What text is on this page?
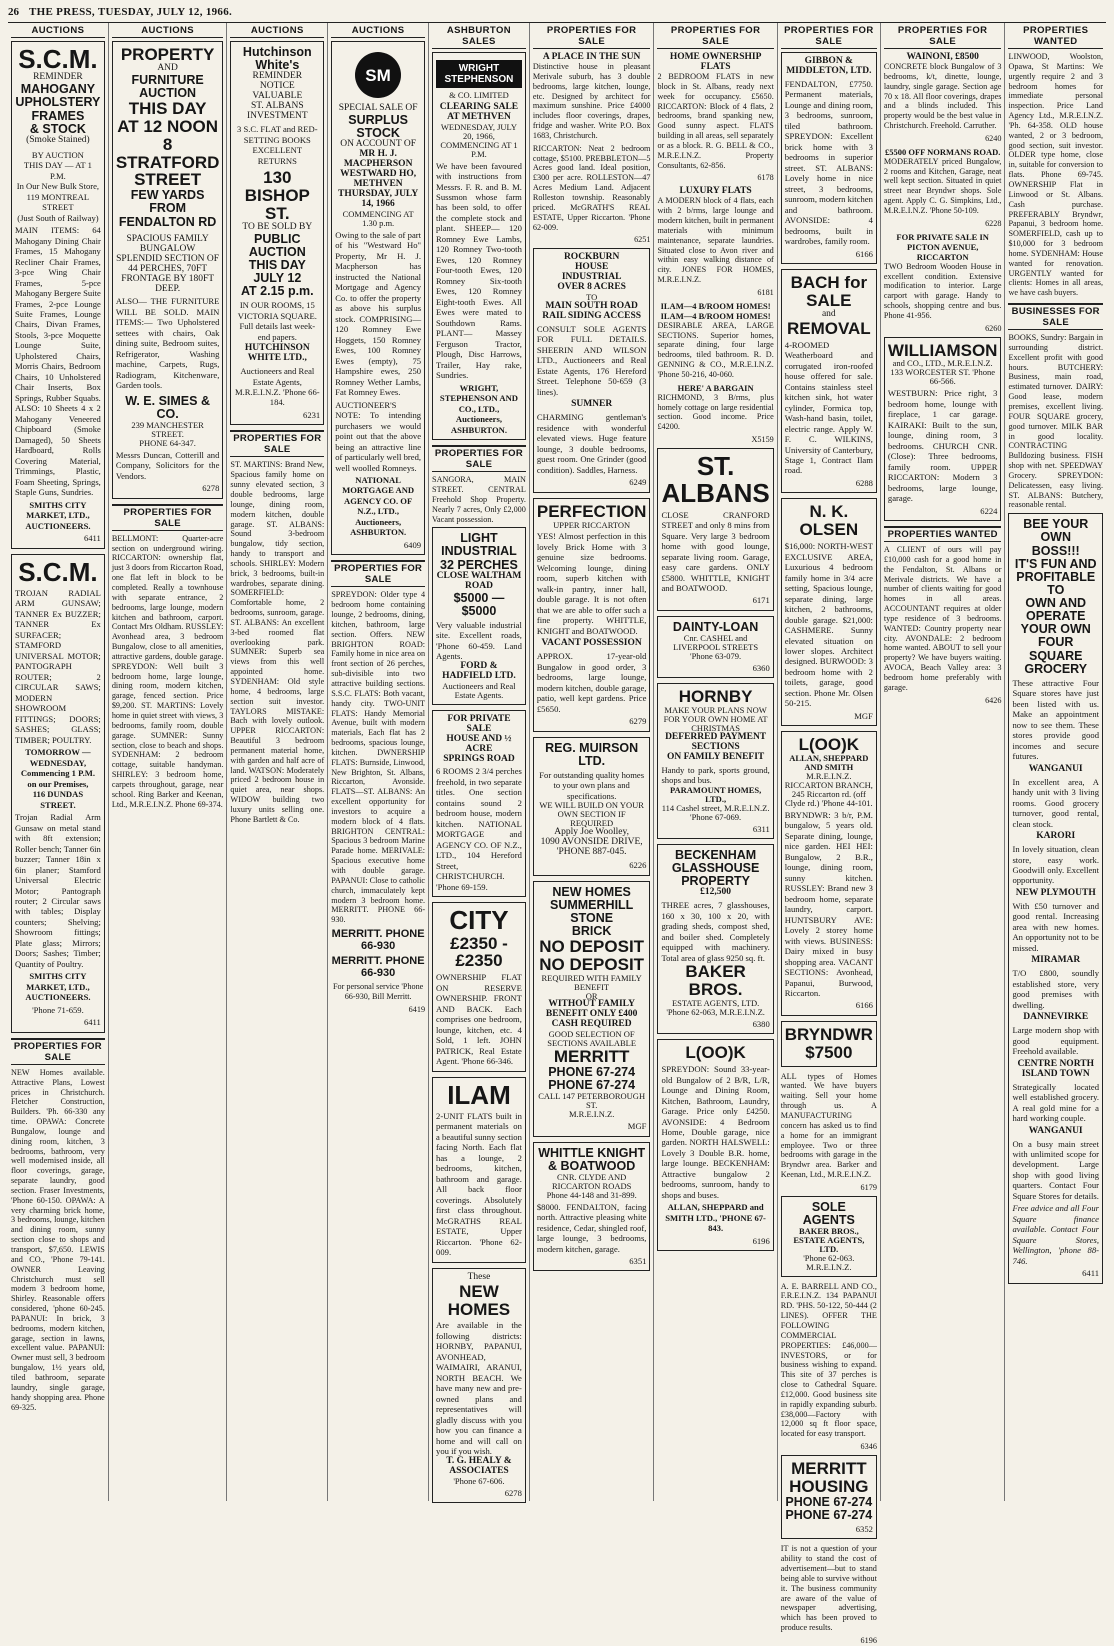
26 THE PRESS, TUESDAY, JULY 12, 1966.
AUCTIONS
S.C.M.
REMINDER
MAHOGANY UPHOLSTERY
FRAMES
& STOCK
(Smoke Stained)
BY AUCTION
THIS DAY — AT 1 P.M.
In Our New Bulk Store,
119 MONTREAL STREET
(Just South of Railway)
MAIN ITEMS: 64 Mahogany Dining Chair Frames, 15 Mahogany Recliner Chair Frames, 3-pce Wing Chair Frames, 5-pce Mahogany Bergere Suite Frames, 2-pce Lounge Suite Frames, Lounge Chairs, Divan Frames, Stools, 3-pce Moquette Lounge Suite, Upholstered Chairs, Morris Chairs, Bedroom Chairs, 10 Unholstered Chair Inserts, Box Springs, Rubber Squabs. ALSO: 10 Sheets 4 x 2 Mahogany Veneered Chipboard (Smoke Damaged), 50 Sheets Hardboard, Rolls Covering Material, Trimmings, Plastic, Foam Sheeting, Springs, Staple Guns, Sundries.
SMITHS CITY MARKET, LTD., AUCTIONEERS.
6411
S.C.M.
TROJAN RADIAL ARM GUNSAW; TANNER Ex BUZZER; TANNER Ex SURFACER; STAMFORD UNIVERSAL MOTOR; PANTOGRAPH ROUTER; 2 CIRCULAR SAWS; MODERN SHOWROOM FITTINGS; DOORS; SASHES; GLASS; TIMBER; POULTRY.
TOMORROW — WEDNESDAY,
Commencing 1 P.M.
on our Premises,
116 DUNDAS STREET.
Trojan Radial Arm Gunsaw on metal stand with 8ft extension; Roller bench; Tanner 6in buzzer; Tanner 18in x 6in planer; Stamford Universal Electric Motor; Pantograph router; 2 Circular saws with tables; Display counters; Shelving; Showroom fittings; Plate glass; Mirrors; Doors; Sashes; Timber; Quantity of Poultry.
SMITHS CITY MARKET, LTD., AUCTIONEERS.
'Phone 71-659.
6411
PROPERTIES FOR SALE
NEW Homes available. Attractive Plans, Lowest prices in Christchurch. Fletcher Construction, Builders. 'Ph. 66-330 any time. OPAWA: Concrete Bungalow, lounge and dining room, kitchen, 3 bedrooms, bathroom, very well modernised inside, all floor coverings, garage, separate laundry, good section. Fraser Investments, 'Phone 60-150. OPAWA: A very charming brick home, 3 bedrooms, lounge, kitchen and dining room, sunny section close to shops and transport, $7,650. LEWIS and CO., 'Phone 79-141. OWNER Leaving Christchurch must sell modern 3 bedroom home, Shirley. Reasonable offers considered, 'phone 60-245. PAPANUI: In brick, 3 bedrooms, modern kitchen, garage, section in lawns, excellent value. PAPANUI: Owner must sell, 3 bedroom bungalow, 1½ years old, tiled bathroom, separate laundry, single garage, handy shopping area. Phone 69-325.
AUCTIONS
PROPERTY
AND
FURNITURE AUCTION
THIS DAY
AT 12 NOON
8 STRATFORD
STREET
FEW YARDS FROM
FENDALTON RD
SPACIOUS FAMILY
BUNGALOW
SPLENDID SECTION OF
44 PERCHES, 70FT
FRONTAGE BY 180FT
DEEP.
ALSO— THE FURNITURE WILL BE SOLD. MAIN ITEMS:— Two Upholstered settees with chairs, Oak dining suite, Bedroom suites, Refrigerator, Washing machine, Carpets, Rugs, Radiogram, Kitchenware, Garden tools.
W. E. SIMES & CO.
239 MANCHESTER STREET.
PHONE 64-347.
Messrs Duncan, Cotterill and Company, Solicitors for the Vendors.
6278
PROPERTIES FOR SALE
BELLMONT: Quarter-acre section on underground wiring. RICCARTON: ownership flat, just 3 doors from Riccarton Road, one flat left in block to be completed. Really a townhouse with separate entrance, 2 bedrooms, large lounge, modern kitchen and bathroom, carport. Contact Mrs Oldham. RUSSLEY: Avonhead area, 3 bedroom Bungalow, close to all amenities, attractive gardens, double garage. SPREYDON: Well built 3 bedroom home, large lounge, dining room, modern kitchen, garage, fenced section. Price $9,200. ST. MARTINS: Lovely home in quiet street with views, 3 bedrooms, family room, double garage. SUMNER: Sunny section, close to beach and shops. SYDENHAM: 2 bedroom cottage, suitable handyman. SHIRLEY: 3 bedroom home, carpets throughout, garage, near school. Ring Barker and Keenan, Ltd., M.R.E.I.N.Z. Phone 69-374.
AUCTIONS
Hutchinson White's
REMINDER NOTICE
VALUABLE
ST. ALBANS INVESTMENT
3 S.C. FLAT and RED-SETTING BOOKS EXCELLENT RETURNS
130 BISHOP ST.
TO BE SOLD BY
PUBLIC AUCTION
THIS DAY JULY 12
AT 2.15 p.m.
IN OUR ROOMS, 15 VICTORIA SQUARE. Full details last week-end papers.
HUTCHINSON WHITE LTD.,
Auctioneers and Real Estate Agents, M.R.E.I.N.Z. 'Phone 66-184.
6231
PROPERTIES FOR SALE
ST. MARTINS: Brand New, Spacious family home on sunny elevated section, 3 double bedrooms, large lounge, dining room, modern kitchen, double garage. ST. ALBANS: Sound 3-bedroom bungalow, tidy section, handy to transport and schools. SHIRLEY: Modern brick, 3 bedrooms, built-in wardrobes, separate dining. SOMERFIELD: Comfortable home, 2 bedrooms, sunroom, garage. ST. ALBANS: An excellent 3-bed roomed flat overlooking park. SUMNER: Superb sea views from this well appointed home. SYDENHAM: Old style home, 4 bedrooms, large section suit investor. TAYLORS MISTAKE: Bach with lovely outlook. UPPER RICCARTON: Beautiful 3 bedroom permanent material home, with garden and half acre of land. WATSON: Moderately priced 2 bedroom house in quiet area, near shops. WIDOW building two luxury units selling one. Phone Bartlett & Co.
AUCTIONS
SM
SPECIAL SALE OF
SURPLUS STOCK
ON ACCOUNT OF
MR H. J. MACPHERSON
WESTWARD HO, METHVEN
THURSDAY, JULY 14, 1966
COMMENCING AT 1.30 p.m.
Owing to the sale of part of his "Westward Ho" Property, Mr H. J. Macpherson has instructed the National Mortgage and Agency Co. to offer the property as above his surplus stock. COMPRISING— 120 Romney Ewe Hoggets, 150 Romney Ewes, 100 Romney Ewes (empty), 75 Hampshire ewes, 250 Romney Wether Lambs, Fat Romney Ewes.
AUCTIONEER'S NOTE: To intending purchasers we would point out that the above being an attractive line of particularly well bred, well woolled Romneys.
NATIONAL MORTGAGE AND AGENCY CO. OF N.Z., LTD., Auctioneers, ASHBURTON.
6409
PROPERTIES FOR SALE
SPREYDON: Older type 4 bedroom home containing lounge, 2 bedrooms, dining, kitchen, bathroom, large section. Offers. NEW BRIGHTON ROAD: Family home in nice area on front section of 26 perches, sub-divisible into two attractive building sections. S.S.C. FLATS: Both vacant, handy city. TWO-UNIT FLATS: Handy Memorial Avenue, built with modern materials, Each flat has 2 bedrooms, spacious lounge, kitchen. DWNERSHIP FLATS: Burnside, Linwood, New Brighton, St. Albans, Riccarton, Avonside. FLATS—ST. ALBANS: An excellent opportunity for investors to acquire a modern block of 4 flats. BRIGHTON CENTRAL: Spacious 3 bedroom Marine Parade home. MERIVALE: Spacious executive home with double garage. PAPANUI: Close to catholic church, immaculately kept modern 3 bedroom home. MERRITT. PHONE 66-930.
MERRITT. PHONE 66-930
MERRITT. PHONE 66-930
For personal service 'Phone 66-930, Bill Merritt.
6419
ASHBURTON SALES
WRIGHT STEPHENSON
& CO. LIMITED
CLEARING SALE AT METHVEN
WEDNESDAY, JULY 20, 1966, COMMENCING AT 1 P.M.
We have been favoured with instructions from Messrs. F. R. and B. M. Sussmon whose farm has been sold, to offer the complete stock and plant. SHEEP— 120 Romney Ewe Lambs, 120 Romney Two-tooth Ewes, 120 Romney Four-tooth Ewes, 120 Romney Six-tooth Ewes, 120 Romney Eight-tooth Ewes. All Ewes were mated to Southdown Rams. PLANT— Massey Ferguson Tractor, Plough, Disc Harrows, Trailer, Hay rake, Sundries.
WRIGHT, STEPHENSON AND CO., LTD., Auctioneers, ASHBURTON.
PROPERTIES FOR SALE
SANGORA, MAIN STREET. CENTRAL Freehold Shop Property. Nearly 7 acres, Only £2,000 Vacant possession.
LIGHT INDUSTRIAL
32 PERCHES
CLOSE WALTHAM ROAD
$5000 — $5000
Very valuable industrial site. Excellent roads, 'Phone 60-459. Land Agents.
FORD & HADFIELD LTD.
Auctioneers and Real Estate Agents.
FOR PRIVATE SALE
HOUSE AND ½ ACRE
SPRINGS ROAD
6 ROOMS 2 3/4 perches freehold, in two separate titles. One section contains sound 2 bedroom house, modern kitchen. NATIONAL MORTGAGE and AGENCY CO. OF N.Z., LTD., 104 Hereford Street, CHRISTCHURCH. 'Phone 69-159.
CITY
£2350 - £2350
OWNERSHIP FLAT ON RESERVE OWNERSHIP. FRONT AND BACK. Each comprises one bedroom, lounge, kitchen, etc. 4 Sold, 1 left. JOHN PATRICK, Real Estate Agent. 'Phone 66-346.
ILAM
2-UNIT FLATS built in permanent materials on a beautiful sunny section facing North. Each flat has a lounge, 2 bedrooms, kitchen, bathroom and garage. All back floor coverings. Absolutely first class throughout. McGRATHS REAL ESTATE, Upper Riccarton. 'Phone 62-009.
These
NEW HOMES
Are available in the following districts: HORNBY, PAPANUI, AVONHEAD, WAIMAIRI, ARANUI, NORTH BEACH. We have many new and pre-owned plans and representatives will gladly discuss with you how you can finance a home and will call on you if you wish.
T. G. HEALY & ASSOCIATES
'Phone 67-606.
6278
PROPERTIES FOR SALE
A PLACE IN THE SUN
Distinctive house in pleasant Merivale suburb, has 3 double bedrooms, large kitchen, lounge, etc. Designed by architect for maximum sunshine. Price £4000 includes floor coverings, drapes, fridge and washer. Write P.O. Box 1683, Christchurch.
RICCARTON: Neat 2 bedroom cottage, $5100. PREBBLETON—5 Acres good land. Ideal position, £300 per acre. ROLLESTON—47 Acres Medium Land. Adjacent Rolleston township. Reasonably priced. McGRATH'S REAL ESTATE, Upper Riccarton. 'Phone 62-009.
6251
ROCKBURN
HOUSE
INDUSTRIAL
OVER 8 ACRES
TO
MAIN SOUTH ROAD
RAIL SIDING ACCESS
CONSULT SOLE AGENTS FOR FULL DETAILS. SHEERIN AND WILSON LTD., Auctioneers and Real Estate Agents, 176 Hereford Street. Telephone 50-659 (3 lines).
SUMNER
CHARMING gentleman's residence with wonderful elevated views. Huge feature lounge, 3 double bedrooms, guest room. One Grinder (good condition). Saddles, Harness.
6249
PERFECTION
UPPER RICCARTON
YES! Almost perfection in this lovely Brick Home with 3 genuine size bedrooms. Welcoming lounge, dining room, superb kitchen with walk-in pantry, inner hall, double garage. It is not often that we are able to offer such a fine property. WHITTLE, KNIGHT and BOATWOOD.
VACANT POSSESSION
APPROX. 17-year-old Bungalow in good order, 3 bedrooms, large lounge, modern kitchen, double garage, patio, well kept gardens. Price £5650.
6279
REG. MUIRSON LTD.
For outstanding quality homes to your own plans and specifications.
WE WILL BUILD ON YOUR OWN SECTION IF REQUIRED
Apply Joe Woolley,
1090 AVONSIDE DRIVE,
'PHONE 887-045.
6226
NEW HOMES
SUMMERHILL STONE
BRICK
NO DEPOSIT
NO DEPOSIT
REQUIRED WITH FAMILY
BENEFIT
OR
WITHOUT FAMILY
BENEFIT ONLY £400
CASH REQUIRED
GOOD SELECTION OF
SECTIONS AVAILABLE
MERRITT
PHONE 67-274
PHONE 67-274
CALL 147 PETERBOROUGH ST.
M.R.E.I.N.Z.
MGF
WHITTLE KNIGHT
& BOATWOOD
CNR. CLYDE AND RICCARTON ROADS
Phone 44-148 and 31-899.
$8000. FENDALTON, facing north. Attractive pleasing white residence, Cedar, shingled roof, large lounge, 3 bedrooms, modern kitchen, garage.
6351
PROPERTIES FOR SALE
HOME OWNERSHIP FLATS
2 BEDROOM FLATS in new block in St. Albans, ready next week for occupancy. £5650. RICCARTON: Block of 4 flats, 2 bedrooms, brand spanking new, Good sunny aspect. FLATS building in all areas, sell separately or as a block. R. G. BELL & CO., M.R.E.I.N.Z. Property Consultants, 62-856.
6178
LUXURY FLATS
A MODERN block of 4 flats, each with 2 b/rms, large lounge and modern kitchen, built in permanent materials with minimum maintenance, separate laundries. Situated close to Avon river and within easy walking distance of city. JONES FOR HOMES, M.R.E.I.N.Z.
6181
ILAM—4 B/ROOM HOMES!
ILAM—4 B/ROOM HOMES!
DESIRABLE AREA, LARGE SECTIONS. Superior homes, separate dining, four large bedrooms, tiled bathroom. R. D. GENNING & CO., M.R.E.I.N.Z. 'Phone 50-216, 40-060.
HERE' A BARGAIN
RICHMOND, 3 B/rms, plus homely cottage on large residential section. Good income. Price £4200.
X5159
ST. ALBANS
CLOSE CRANFORD STREET and only 8 mins from Square. Very large 3 bedroom home with good lounge, separate living room. Garage, easy care gardens. ONLY £5800. WHITTLE, KNIGHT and BOATWOOD.
6171
DAINTY-LOAN
Cnr. CASHEL and LIVERPOOL STREETS
'Phone 63-079.
6360
HORNBY
MAKE YOUR PLANS NOW FOR YOUR OWN HOME AT CHRISTMAS
DEFERRED PAYMENT
SECTIONS
ON FAMILY BENEFIT
Handy to park, sports ground, shops and bus.
PARAMOUNT HOMES, LTD.,
114 Cashel street, M.R.E.I.N.Z. 'Phone 67-069.
6311
BECKENHAM
GLASSHOUSE
PROPERTY
£12,500
THREE acres, 7 glasshouses, 160 x 30, 100 x 20, with grading sheds, compost shed, and boiler shed. Completely equipped with machinery. Total area of glass 9250 sq. ft.
BAKER BROS.
ESTATE AGENTS, LTD. 'Phone 62-063, M.R.E.I.N.Z.
6380
L(OO)K
SPREYDON: Sound 33-year-old Bungalow of 2 B/R, L/R, Lounge and Dining Room, Kitchen, Bathroom, Laundry, Garage. Price only £4250. AVONSIDE: 4 Bedroom Home, Double garage, nice garden. NORTH HALSWELL: Lovely 3 Double B.R. home, large lounge. BECKENHAM: Attractive bungalow 2 bedrooms, sunroom, handy to shops and buses.
ALLAN, SHEPPARD and SMITH LTD., 'PHONE 67-843.
6196
PROPERTIES FOR SALE
GIBBON & MIDDLETON, LTD.
FENDALTON, £7750. Permanent materials, Lounge and dining room, 3 bedrooms, sunroom, tiled bathroom. SPREYDON: Excellent brick home with 3 bedrooms in superior street. ST. ALBANS: Lovely home in nice street, 3 bedrooms, sunroom, modern kitchen and bathroom. AVONSIDE: 4 bedrooms, built in wardrobes, family room.
6166
BACH for SALE
and
REMOVAL
4-ROOMED Weatherboard and corrugated iron-roofed house offered for sale. Contains stainless steel kitchen sink, hot water cylinder, Formica top, Wash-hand basin, toilet, electric range. Apply W. F. C. WILKINS, University of Canterbury, Stage 1, Contract Ilam road.
6288
N. K. OLSEN
$16,000: NORTH-WEST EXCLUSIVE AREA, Luxurious 4 bedroom family home in 3/4 acre setting, Spacious lounge, separate dining, large kitchen, 2 bathrooms, double garage. $21,000: CASHMERE. Sunny elevated situation on lower slopes. Architect designed. BURWOOD: 3 bedroom home with 2 toilets, garage, good section. Phone Mr. Olsen 50-215.
MGF
L(OO)K
ALLAN, SHEPPARD AND SMITH
M.R.E.I.N.Z.
RICCARTON BRANCH,
245 Riccarton rd. (off Clyde rd.) 'Phone 44-101.
BRYNDWR: 3 b/r, P.M. bungalow, 5 years old. Separate dining, lounge, nice garden. HEI HEI: Bungalow, 2 B.R., lounge, dining room, sunny kitchen. RUSSLEY: Brand new 3 bedroom home, separate laundry, carport. HUNTSBURY AVE: Lovely 2 storey home with views. BUSINESS: Dairy mixed in busy shopping area. VACANT SECTIONS: Avonhead, Papanui, Burwood, Riccarton.
6166
BRYNDWR
$7500
ALL types of Homes wanted. We have buyers waiting. Sell your home through us. A MANUFACTURING concern has asked us to find a home for an immigrant employee. Two or three bedrooms with garage in the Bryndwr area. Barker and Keenan, Ltd., M.R.E.I.N.Z.
6179
SOLE AGENTS
BAKER BROS., ESTATE AGENTS, LTD.
'Phone 62-063. M.R.E.I.N.Z.
A. E. BARRELL AND CO., F.R.E.I.N.Z. 134 PAPANUI RD. 'PHS. 50-122, 50-444 (2 LINES). OFFER THE FOLLOWING COMMERCIAL PROPERTIES: £46,000—INVESTORS, or for business wishing to expand. This site of 37 perches is close to Cathedral Square. £12,000. Good business site in rapidly expanding suburb. £38,000—Factory with 12,000 sq ft floor space, located for easy transport.
6346
MERRITT
HOUSING
PHONE 67-274
PHONE 67-274
6352
IT is not a question of your ability to stand the cost of advertisement—but to stand being able to survive without it. The business community are aware of the value of newspaper advertising, which has been proved to produce results.
6196
PROPERTIES FOR SALE
WAINONI, £8500
CONCRETE block Bungalow of 3 bedrooms, k/t, dinette, lounge, laundry, single garage. Section age 70 x 18. All floor coverings, drapes and a blinds included. This property would be the best value in Christchurch. Freehold. Carruther.
6240
£5500 OFF NORMANS ROAD.
MODERATELY priced Bungalow, 2 rooms and Kitchen, Garage, neat well kept section. Situated in quiet street near Bryndwr shops. Sole agent. Apply C. G. Simpkins, Ltd., M.R.E.I.N.Z. 'Phone 50-109.
6228
FOR PRIVATE SALE IN PICTON AVENUE, RICCARTON
TWO Bedroom Wooden House in excellent condition. Extensive modification to interior. Large carport with garage. Handy to schools, shopping centre and bus. Phone 41-956.
6260
WILLIAMSON
and CO., LTD., M.R.E.I.N.Z. 133 WORCESTER ST. 'Phone 66-566.
WESTBURN: Price right, 3 bedroom home, lounge with fireplace, 1 car garage. KAIRAKI: Built to the sun, lounge, dining room, 3 bedrooms. CHURCH CNR. (Close): Three bedrooms, family room. UPPER RICCARTON: Modern 3 bedrooms, large lounge, garage.
6224
PROPERTIES WANTED
A CLIENT of ours will pay £10,000 cash for a good home in the Fendalton, St. Albans or Merivale districts. We have a number of clients waiting for good homes in all areas. ACCOUNTANT requires at older type residence of 3 bedrooms. WANTED: Country property near city. AVONDALE: 2 bedroom home wanted. ABOUT to sell your property? We have buyers waiting. AVOCA, Beach Valley area: 3 bedroom home preferably with garage.
6426
PROPERTIES WANTED
LINWOOD, Woolston, Opawa, St Martins: We urgently require 2 and 3 bedroom homes for immediate personal inspection. Price Land Agency Ltd., M.R.E.I.N.Z. 'Ph. 64-358. OLD house wanted, 2 or 3 bedroom, good section, suit investor. OLDER type home, close in, suitable for conversion to flats. Phone 69-745. OWNERSHIP Flat in Linwood or St. Albans. Cash purchase. PREFERABLY Bryndwr, Papanui, 3 bedroom home. SOMERFIELD, cash up to $10,000 for 3 bedroom home. SYDENHAM: House wanted for renovation. URGENTLY wanted for clients: Homes in all areas, we have cash buyers.
BUSINESSES FOR SALE
BOOKS, Sundry: Bargain in surrounding district. Excellent profit with good hours. BUTCHERY: Business, main road, estimated turnover. DAIRY: Good lease, modern premises, excellent living. FOUR SQUARE grocery, good turnover. MILK BAR in good locality. CONTRACTING Bulldozing business. FISH shop with net. SPEEDWAY Grocery. SPREYDON: Delicatessen, easy living. ST. ALBANS: Butchery, reasonable rental.
BEE YOUR OWN
BOSS!!!
IT'S FUN AND
PROFITABLE TO
OWN AND OPERATE
YOUR OWN
FOUR SQUARE
GROCERY
These attractive Four Square stores have just been listed with us. Make an appointment now to see them. These stores provide good incomes and secure futures.
WANGANUI
In excellent area, A handy unit with 3 living rooms. Good grocery turnover, good rental, clean stock.
KARORI
In lovely situation, clean store, easy work. Goodwill only. Excellent opportunity.
NEW PLYMOUTH
With £50 turnover and good rental. Increasing area with new homes. An opportunity not to be missed.
MIRAMAR
T/O £800, soundly established store, very good premises with dwelling.
DANNEVIRKE
Large modern shop with good equipment. Freehold available.
CENTRE NORTH ISLAND TOWN
Strategically located well established grocery. A real gold mine for a hard working couple.
WANGANUI
On a busy main street with unlimited scope for development. Large shop with good living quarters. Contact Four Square Stores for details.
Free advice and all Four Square finance available. Contact Four Square Stores, Wellington, 'phone 88-746.
6411
